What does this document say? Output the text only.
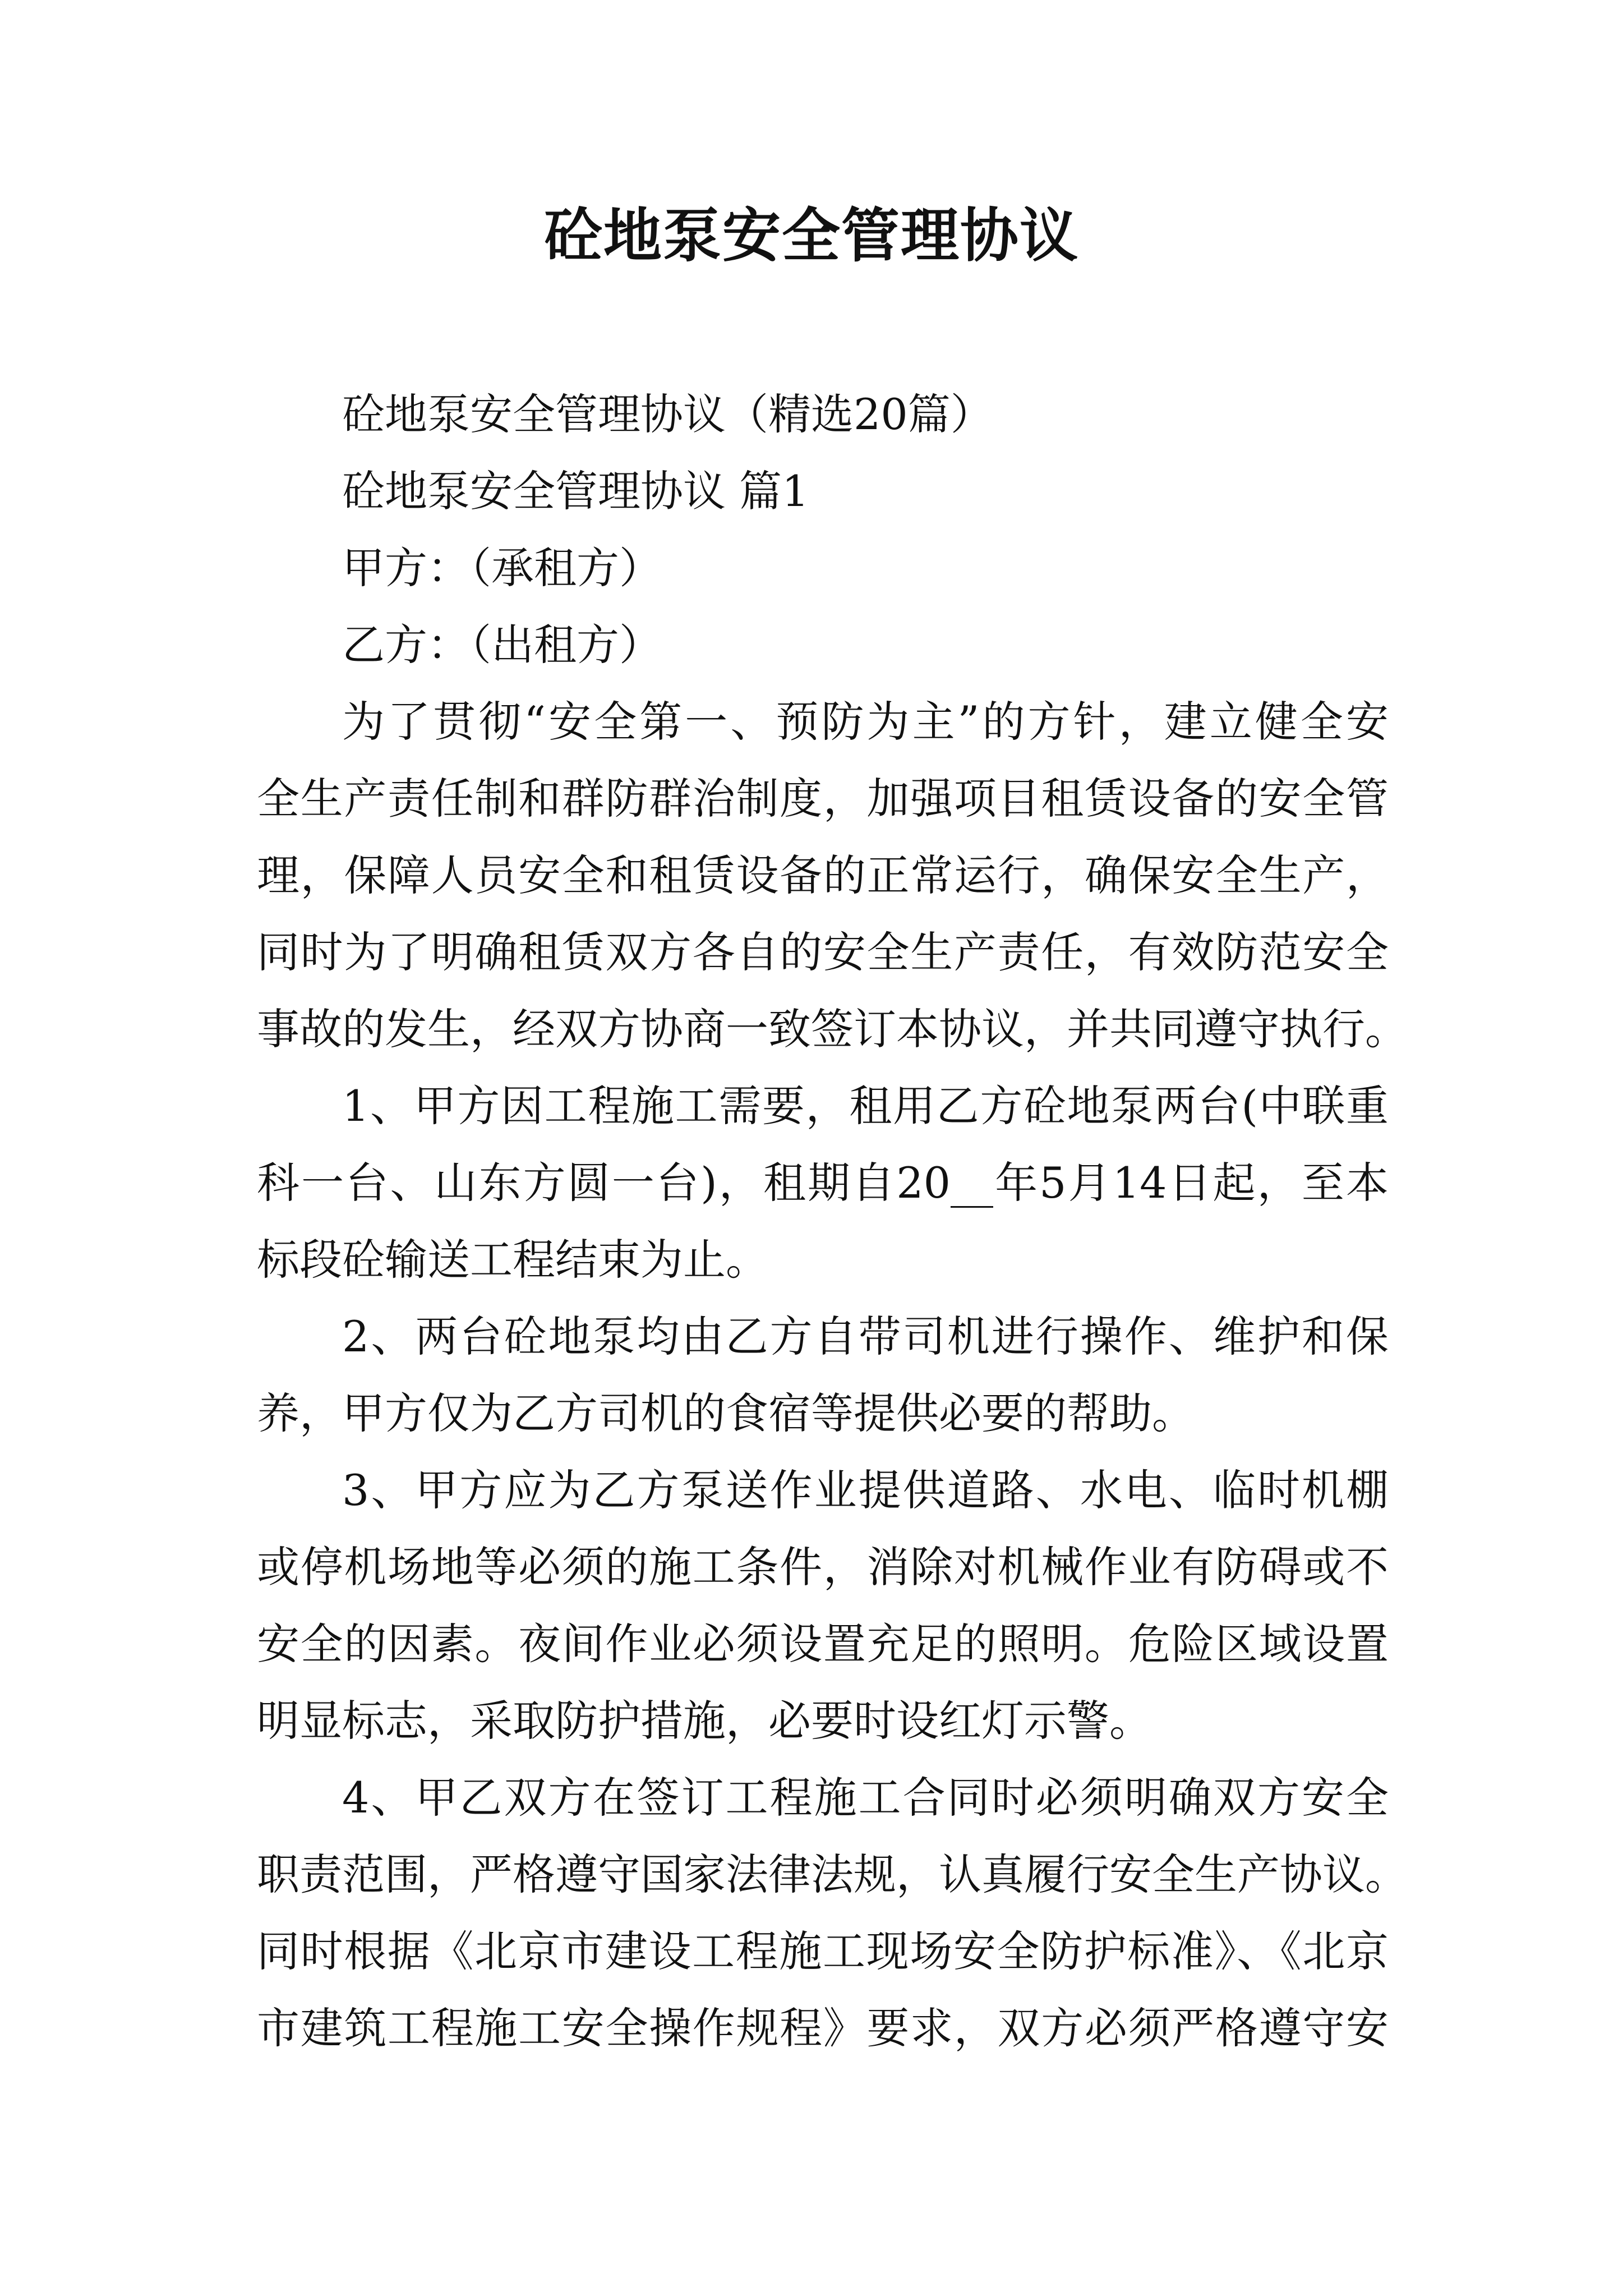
砼地泵安全管理协议

砼地泵安全管理协议（精选20篇）

砼地泵安全管理协议 篇1

甲方：（承租方）

乙方：（出租方）

为了贯彻“安全第一、预防为主”的方针，建立健全安

全生产责任制和群防群治制度，加强项目租赁设备的安全管

理，保障人员安全和租赁设备的正常运行，确保安全生产，

同时为了明确租赁双方各自的安全生产责任，有效防范安全

事故的发生，经双方协商一致签订本协议，并共同遵守执行。

1、甲方因工程施工需要，租用乙方砼地泵两台(中联重

科一台、山东方圆一台)，租期自20__年5月14日起，至本

标段砼输送工程结束为止。

2、两台砼地泵均由乙方自带司机进行操作、维护和保

养，甲方仅为乙方司机的食宿等提供必要的帮助。

3、甲方应为乙方泵送作业提供道路、水电、临时机棚

或停机场地等必须的施工条件，消除对机械作业有防碍或不

安全的因素。夜间作业必须设置充足的照明。危险区域设置

明显标志，采取防护措施，必要时设红灯示警。

4、甲乙双方在签订工程施工合同时必须明确双方安全

职责范围，严格遵守国家法律法规，认真履行安全生产协议。

同时根据《北京市建设工程施工现场安全防护标准》、《北京

市建筑工程施工安全操作规程》要求，双方必须严格遵守安
